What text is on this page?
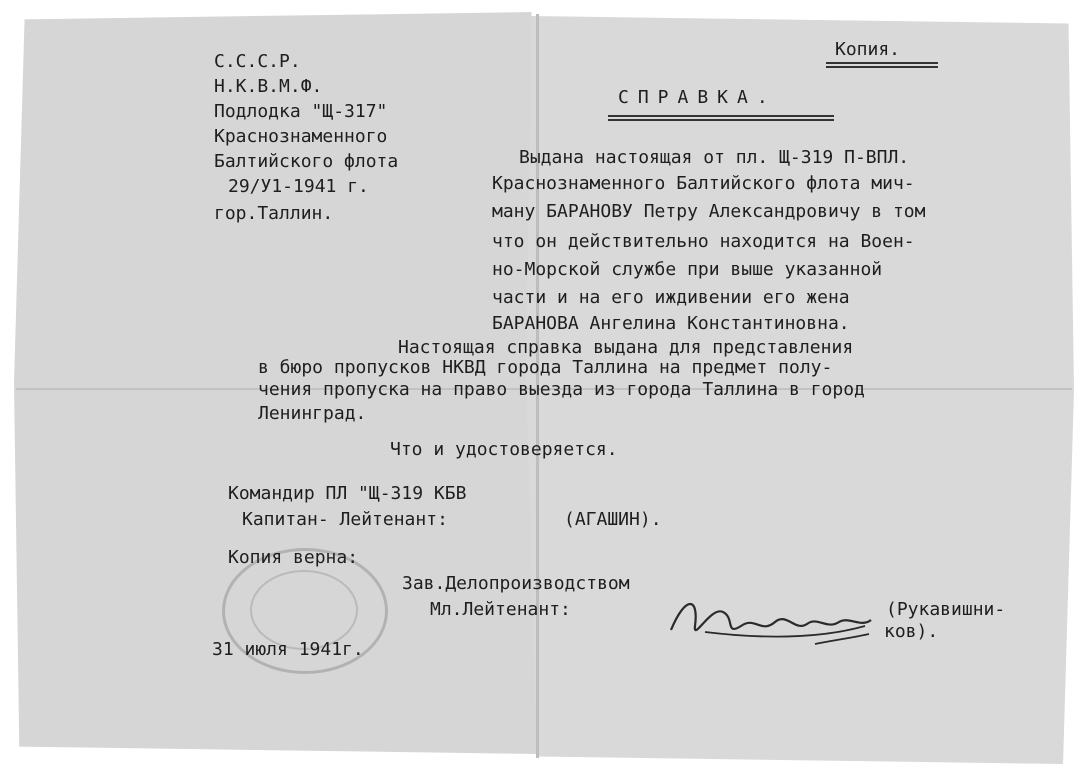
Копия.

С.С.С.Р.

Н.К.В.М.Ф.

Подлодка "Щ-317"

Краснознаменного

Балтийского флота

29/У1-1941 г.

гор.Таллин.

СПРАВКА.

Выдана настоящая от пл. Щ-319 П-ВПЛ.

Краснознаменного Балтийского флота мич-

ману БАРАНОВУ Петру Александровичу в том

что он действительно находится на Воен-

но-Морской службе при выше указанной

части и на его иждивении его жена

БАРАНОВА Ангелина Константиновна.

Настоящая справка выдана для представления

в бюро пропусков НКВД города Таллина на предмет полу-

чения пропуска на право выезда из города Таллина в город

Ленинград.

Что и удостоверяется.

Командир ПЛ "Щ-319 КБВ

Капитан- Лейтенант:	(АГАШИН).

Копия верна:

Зав.Делопроизводством

Мл.Лейтенант:	(Рукавишни-

ков).

31 июля 1941г.
